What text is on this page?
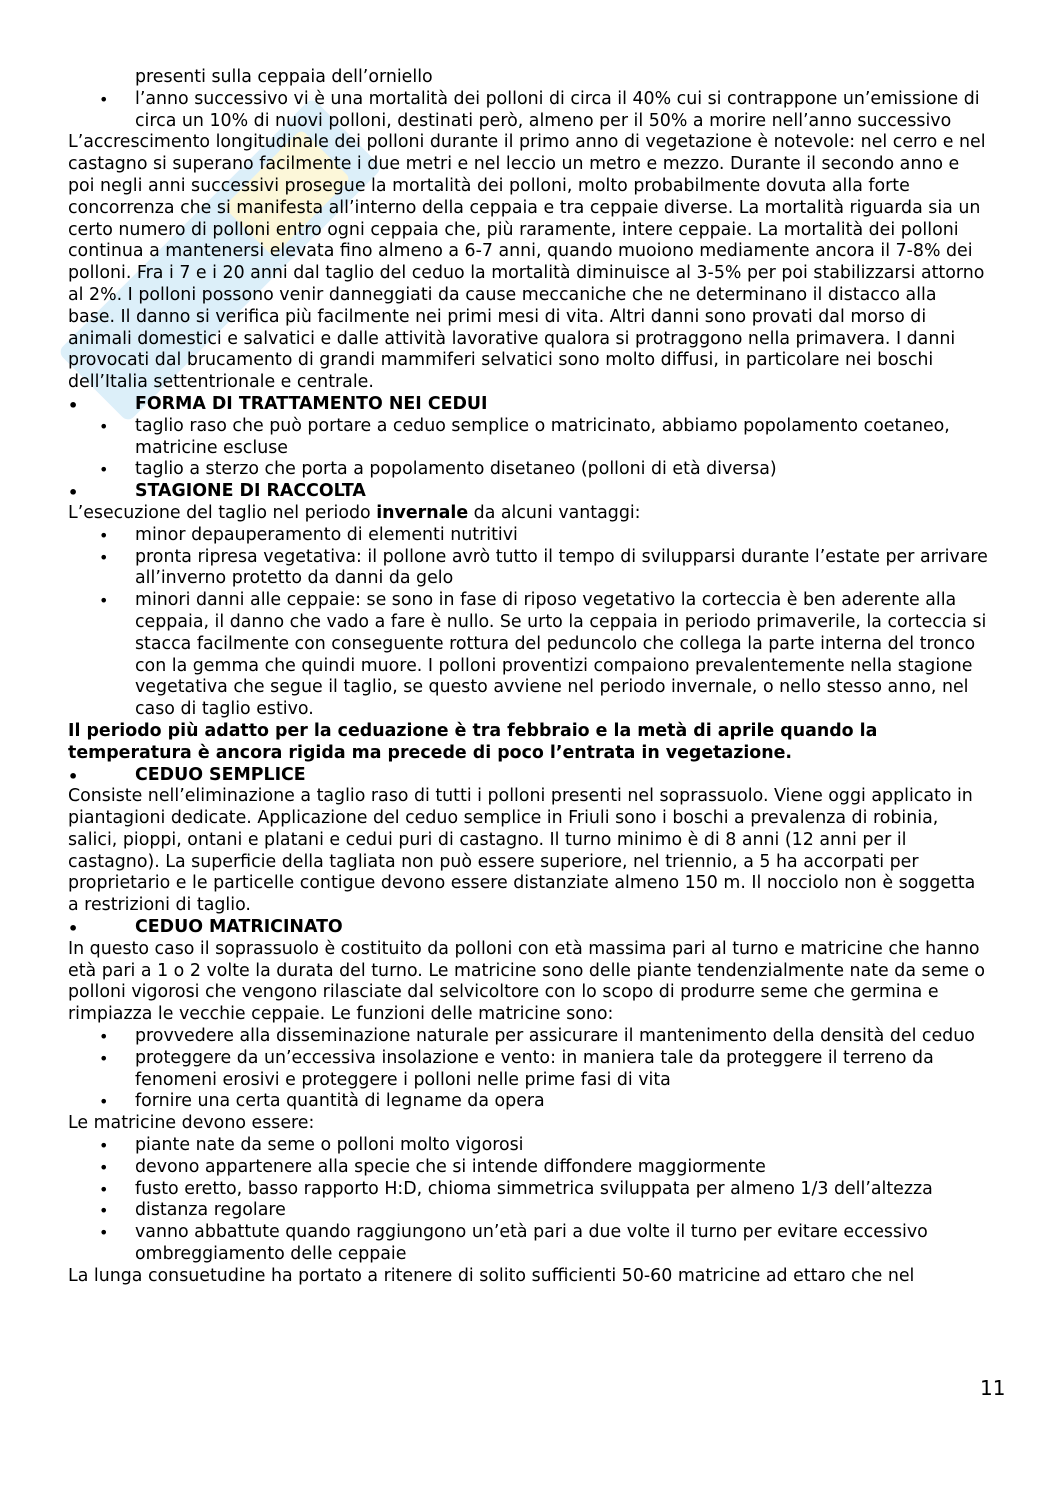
presenti sulla ceppaia dell’orniello

• l’anno successivo vi è una mortalità dei polloni di circa il 40% cui si contrappone un’emissione di circa un 10% di nuovi polloni, destinati però, almeno per il 50% a morire nell’anno successivo

L’accrescimento longitudinale dei polloni durante il primo anno di vegetazione è notevole: nel cerro e nel castagno si superano facilmente i due metri e nel leccio un metro e mezzo. Durante il secondo anno e poi negli anni successivi prosegue la mortalità dei polloni, molto probabilmente dovuta alla forte concorrenza che si manifesta all’interno della ceppaia e tra ceppaie diverse. La mortalità riguarda sia un certo numero di polloni entro ogni ceppaia che, più raramente, intere ceppaie. La mortalità dei polloni continua a mantenersi elevata fino almeno a 6-7 anni, quando muoiono mediamente ancora il 7-8% dei polloni. Fra i 7 e i 20 anni dal taglio del ceduo la mortalità diminuisce al 3-5% per poi stabilizzarsi attorno al 2%. I polloni possono venir danneggiati da cause meccaniche che ne determinano il distacco alla base. Il danno si verifica più facilmente nei primi mesi di vita. Altri danni sono provati dal morso di animali domestici e salvatici e dalle attività lavorative qualora si protraggono nella primavera. I danni provocati dal brucamento di grandi mammiferi selvatici sono molto diffusi, in particolare nei boschi dell’Italia settentrionale e centrale.

• FORMA DI TRATTAMENTO NEI CEDUI
• taglio raso che può portare a ceduo semplice o matricinato, abbiamo popolamento coetaneo, matricine escluse
• taglio a sterzo che porta a popolamento disetaneo (polloni di età diversa)
• STAGIONE DI RACCOLTA

L’esecuzione del taglio nel periodo invernale da alcuni vantaggi:

• minor depauperamento di elementi nutritivi
• pronta ripresa vegetativa: il pollone avrò tutto il tempo di svilupparsi durante l’estate per arrivare all’inverno protetto da danni da gelo
• minori danni alle ceppaie: se sono in fase di riposo vegetativo la corteccia è ben aderente alla ceppaia, il danno che vado a fare è nullo. Se urto la ceppaia in periodo primaverile, la corteccia si stacca facilmente con conseguente rottura del peduncolo che collega la parte interna del tronco con la gemma che quindi muore. I polloni proventizi compaiono prevalentemente nella stagione vegetativa che segue il taglio, se questo avviene nel periodo invernale, o nello stesso anno, nel caso di taglio estivo.

Il periodo più adatto per la ceduazione è tra febbraio e la metà di aprile quando la temperatura è ancora rigida ma precede di poco l’entrata in vegetazione.

• CEDUO SEMPLICE

Consiste nell’eliminazione a taglio raso di tutti i polloni presenti nel soprassuolo. Viene oggi applicato in piantagioni dedicate. Applicazione del ceduo semplice in Friuli sono i boschi a prevalenza di robinia, salici, pioppi, ontani e platani e cedui puri di castagno. Il turno minimo è di 8 anni (12 anni per il castagno). La superficie della tagliata non può essere superiore, nel triennio, a 5 ha accorpati per proprietario e le particelle contigue devono essere distanziate almeno 150 m. Il nocciolo non è soggetta a restrizioni di taglio.

• CEDUO MATRICINATO

In questo caso il soprassuolo è costituito da polloni con età massima pari al turno e matricine che hanno età pari a 1 o 2 volte la durata del turno. Le matricine sono delle piante tendenzialmente nate da seme o polloni vigorosi che vengono rilasciate dal selvicoltore con lo scopo di produrre seme che germina e rimpiazza le vecchie ceppaie. Le funzioni delle matricine sono:

• provvedere alla disseminazione naturale per assicurare il mantenimento della densità del ceduo
• proteggere da un’eccessiva insolazione e vento: in maniera tale da proteggere il terreno da fenomeni erosivi e proteggere i polloni nelle prime fasi di vita
• fornire una certa quantità di legname da opera

Le matricine devono essere:

• piante nate da seme o polloni molto vigorosi
• devono appartenere alla specie che si intende diffondere maggiormente
• fusto eretto, basso rapporto H:D, chioma simmetrica sviluppata per almeno 1/3 dell’altezza
• distanza regolare
• vanno abbattute quando raggiungono un’età pari a due volte il turno per evitare eccessivo ombreggiamento delle ceppaie

La lunga consuetudine ha portato a ritenere di solito sufficienti 50-60 matricine ad ettaro che nel

11
